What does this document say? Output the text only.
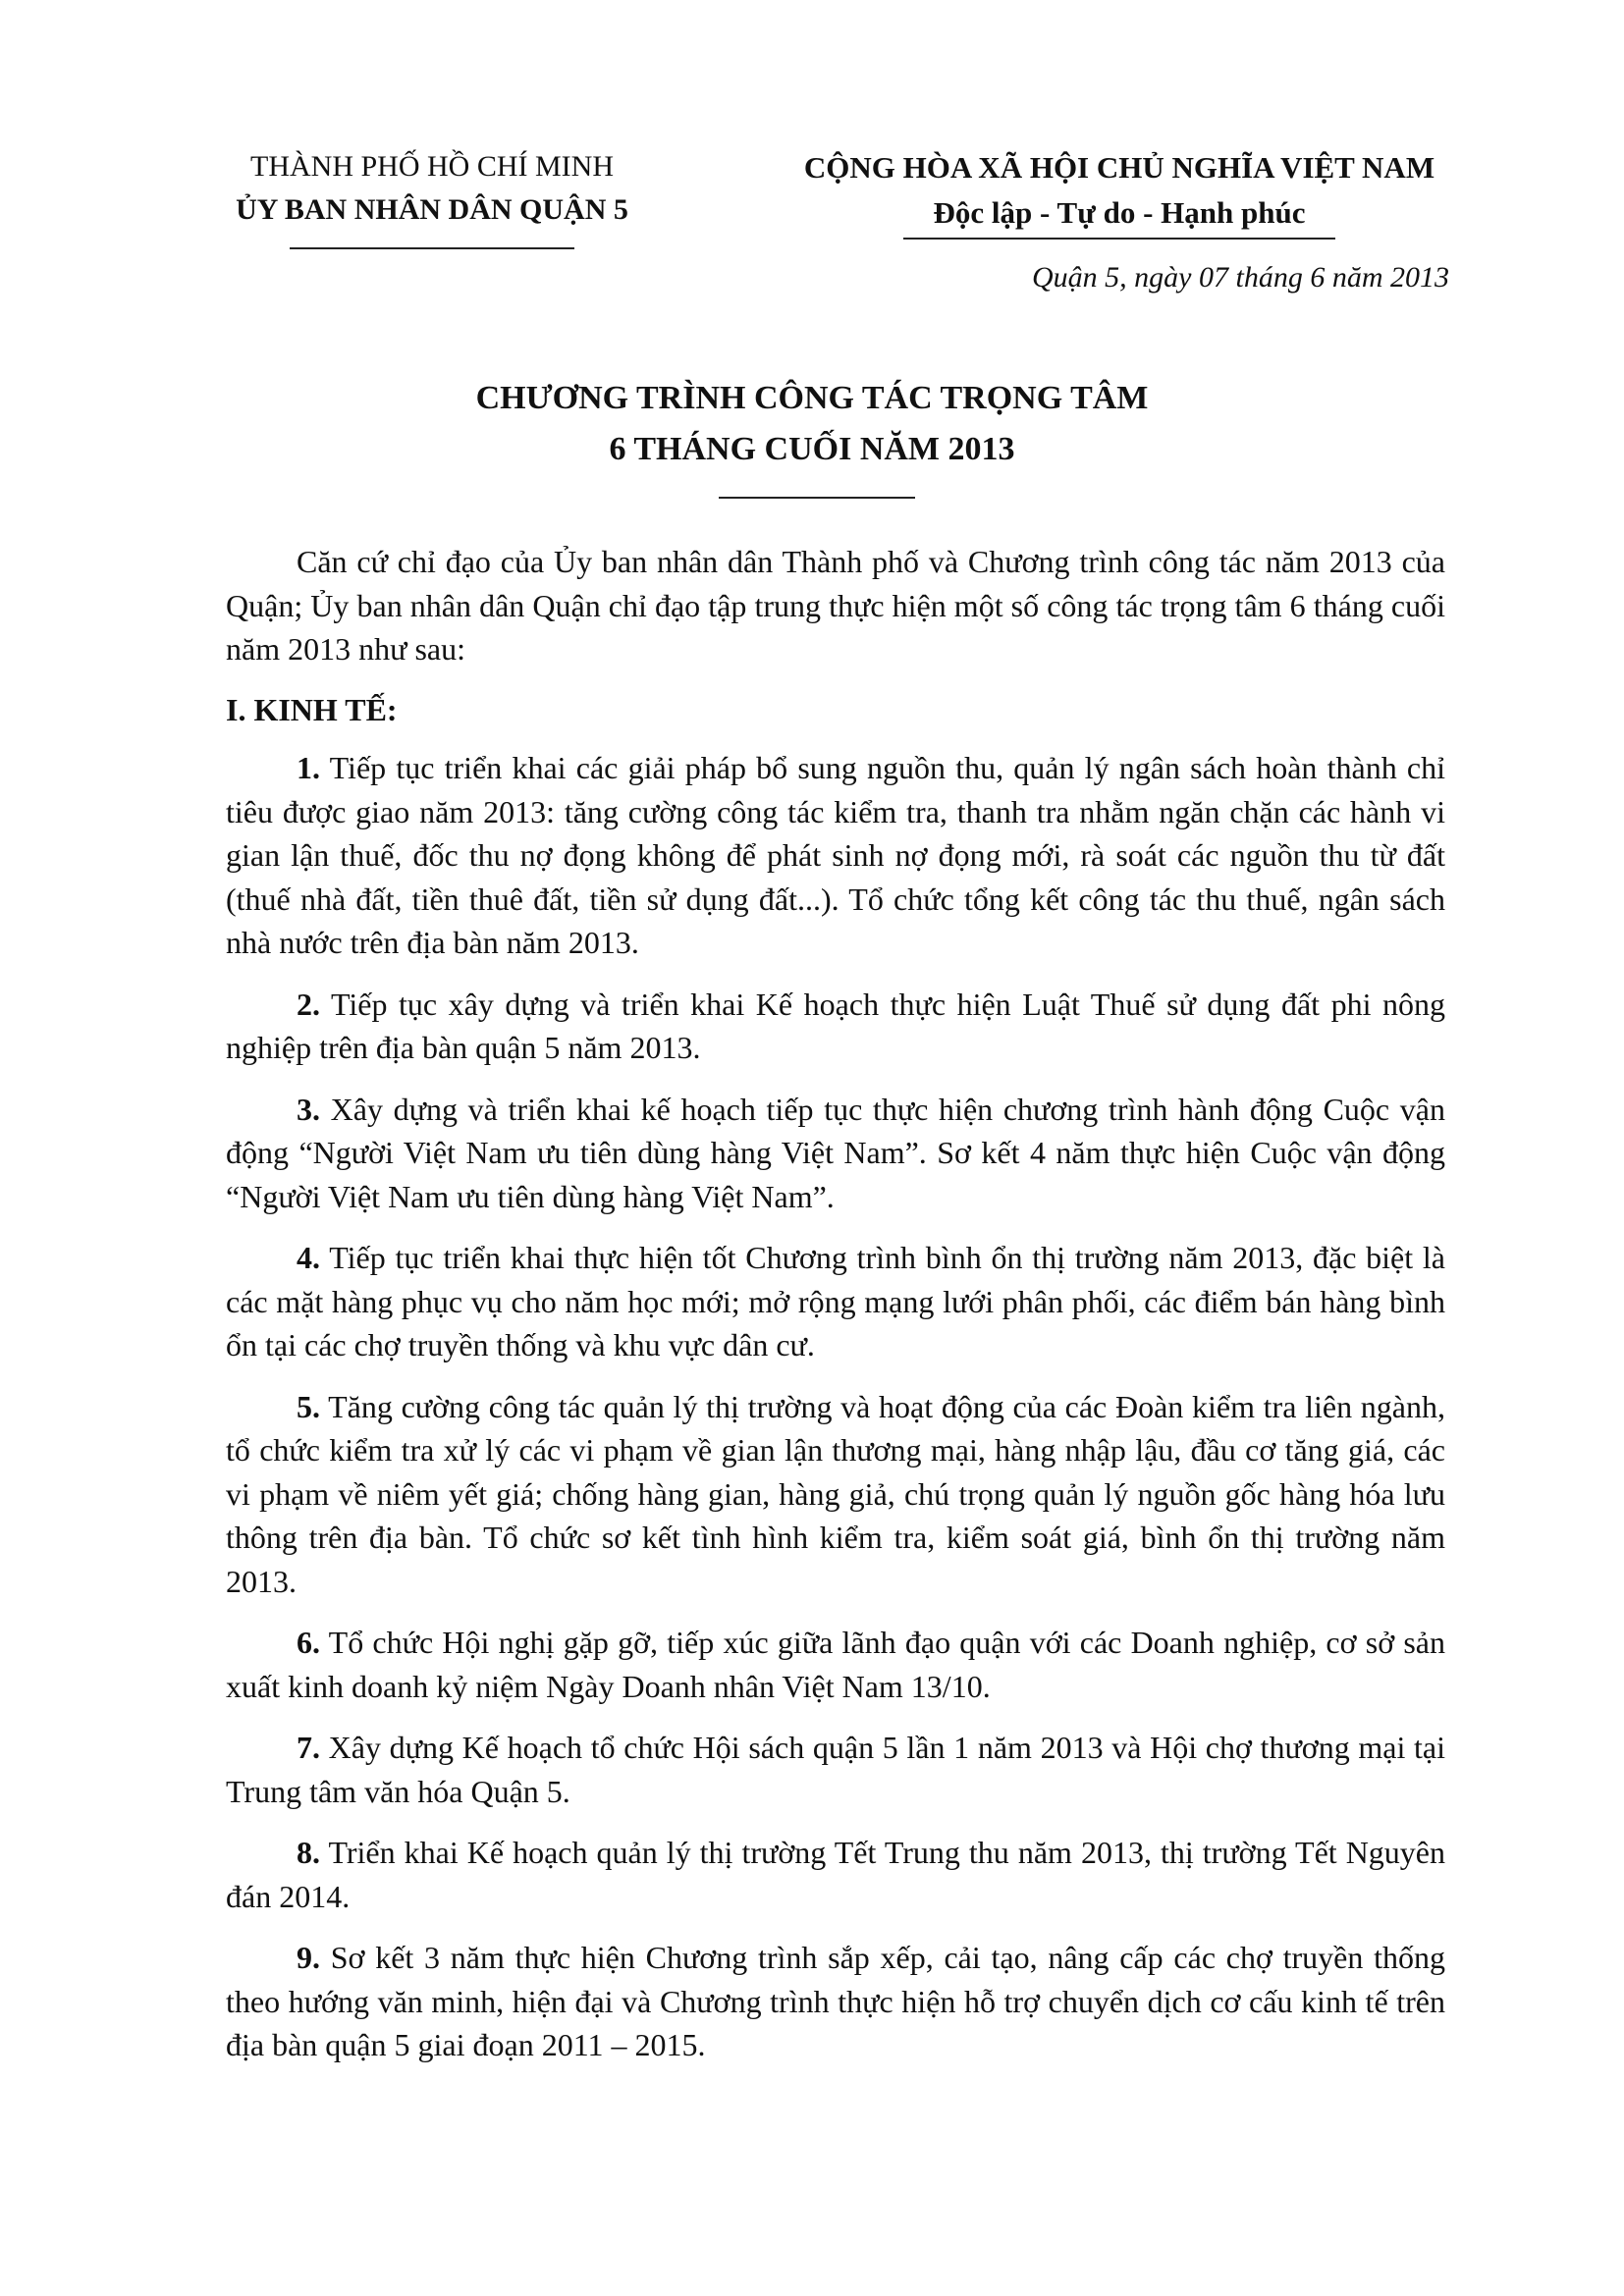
THÀNH PHỐ HỒ CHÍ MINH
ỦY BAN NHÂN DÂN QUẬN 5
CỘNG HÒA XÃ HỘI CHỦ NGHĨA VIỆT NAM
Độc lập - Tự do - Hạnh phúc
Quận 5, ngày 07 tháng 6 năm 2013
CHƯƠNG TRÌNH CÔNG TÁC TRỌNG TÂM
6 THÁNG CUỐI NĂM 2013

Căn cứ chỉ đạo của Ủy ban nhân dân Thành phố và Chương trình công tác năm 2013 của Quận; Ủy ban nhân dân Quận chỉ đạo tập trung thực hiện một số công tác trọng tâm 6 tháng cuối năm 2013 như sau:

I. KINH TẾ:

1. Tiếp tục triển khai các giải pháp bổ sung nguồn thu, quản lý ngân sách hoàn thành chỉ tiêu được giao năm 2013: tăng cường công tác kiểm tra, thanh tra nhằm ngăn chặn các hành vi gian lận thuế, đốc thu nợ đọng không để phát sinh nợ đọng mới, rà soát các nguồn thu từ đất (thuế nhà đất, tiền thuê đất, tiền sử dụng đất...). Tổ chức tổng kết công tác thu thuế, ngân sách nhà nước trên địa bàn năm 2013.

2. Tiếp tục xây dựng và triển khai Kế hoạch thực hiện Luật Thuế sử dụng đất phi nông nghiệp trên địa bàn quận 5 năm 2013.

3. Xây dựng và triển khai kế hoạch tiếp tục thực hiện chương trình hành động Cuộc vận động “Người Việt Nam ưu tiên dùng hàng Việt Nam”. Sơ kết 4 năm thực hiện Cuộc vận động “Người Việt Nam ưu tiên dùng hàng Việt Nam”.

4. Tiếp tục triển khai thực hiện tốt Chương trình bình ổn thị trường năm 2013, đặc biệt là các mặt hàng phục vụ cho năm học mới; mở rộng mạng lưới phân phối, các điểm bán hàng bình ổn tại các chợ truyền thống và khu vực dân cư.

5. Tăng cường công tác quản lý thị trường và hoạt động của các Đoàn kiểm tra liên ngành, tổ chức kiểm tra xử lý các vi phạm về gian lận thương mại, hàng nhập lậu, đầu cơ tăng giá, các vi phạm về niêm yết giá; chống hàng gian, hàng giả, chú trọng quản lý nguồn gốc hàng hóa lưu thông trên địa bàn. Tổ chức sơ kết tình hình kiểm tra, kiểm soát giá, bình ổn thị trường năm 2013.

6. Tổ chức Hội nghị gặp gỡ, tiếp xúc giữa lãnh đạo quận với các Doanh nghiệp, cơ sở sản xuất kinh doanh kỷ niệm Ngày Doanh nhân Việt Nam 13/10.

7. Xây dựng Kế hoạch tổ chức Hội sách quận 5 lần 1 năm 2013 và Hội chợ thương mại tại Trung tâm văn hóa Quận 5.

8. Triển khai Kế hoạch quản lý thị trường Tết Trung thu năm 2013, thị trường Tết Nguyên đán 2014.

9. Sơ kết 3 năm thực hiện Chương trình sắp xếp, cải tạo, nâng cấp các chợ truyền thống theo hướng văn minh, hiện đại và Chương trình thực hiện hỗ trợ chuyển dịch cơ cấu kinh tế trên địa bàn quận 5 giai đoạn 2011 – 2015.
